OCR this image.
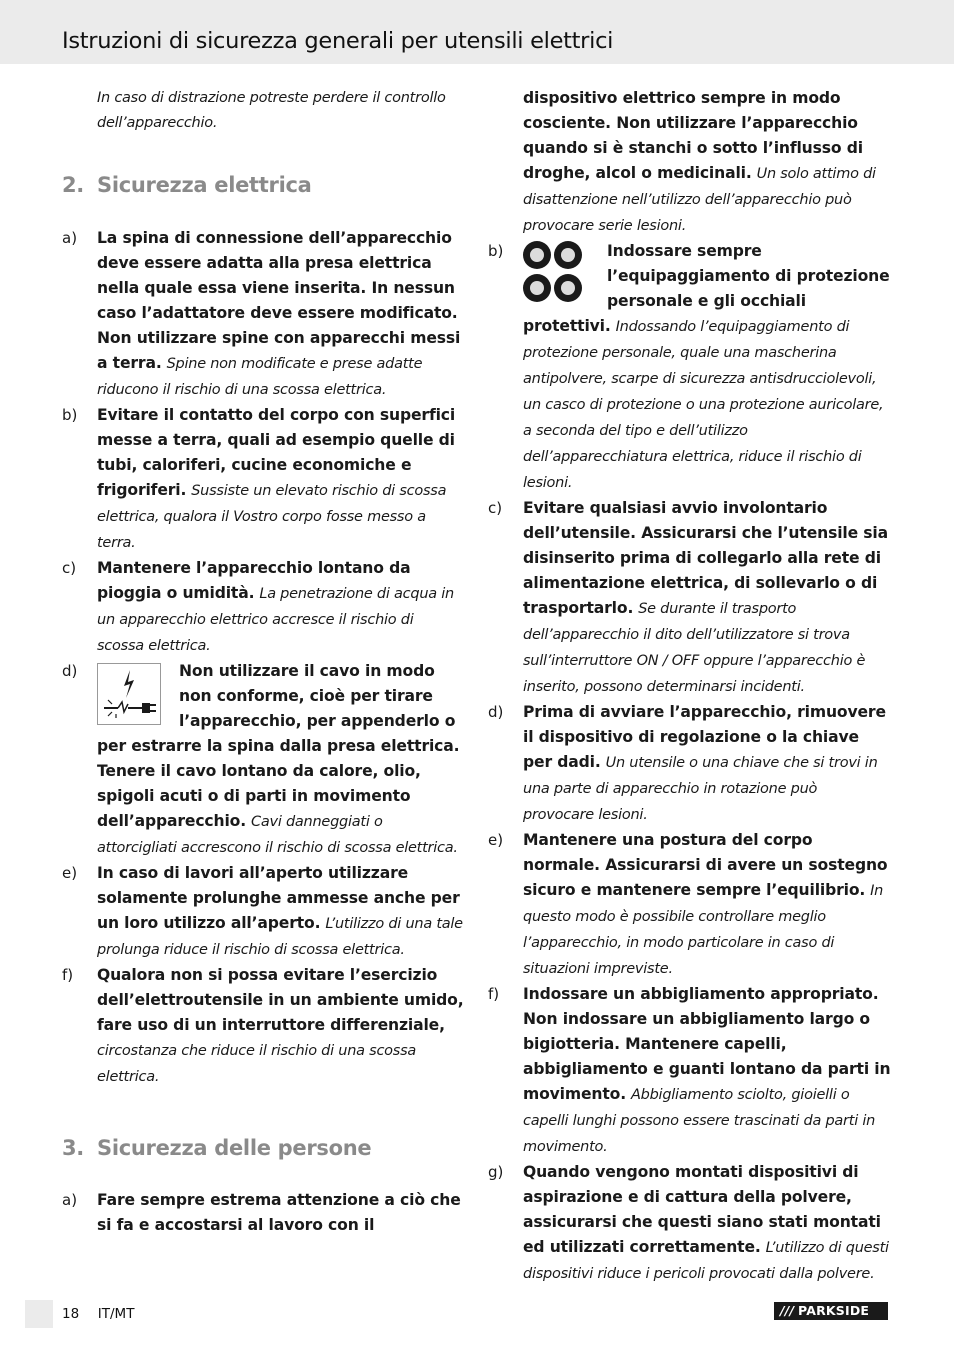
Istruzioni di sicurezza generali per utensili elettrici

In caso di distrazione potreste perdere il controllo dell’apparecchio.

2. Sicurezza elettrica

a) La spina di connessione dell’apparecchio deve essere adatta alla presa elettrica nella quale essa viene inserita. In nessun caso l’adattatore deve essere modificato. Non utilizzare spine con apparecchi messi a terra. Spine non modificate e prese adatte riducono il rischio di una scossa elettrica.
b) Evitare il contatto del corpo con superfici messe a terra, quali ad esempio quelle di tubi, caloriferi, cucine economiche e frigoriferi. Sussiste un elevato rischio di scossa elettrica, qualora il Vostro corpo fosse messo a terra.
c) Mantenere l’apparecchio lontano da pioggia o umidità. La penetrazione di acqua in un apparecchio elettrico accresce il rischio di scossa elettrica.
d)	Non utilizzare il cavo in modo non conforme, cioè per tirare l’apparecchio, per appenderlo o per estrarre la spina dalla presa elettrica. Tenere il cavo lontano da calore, olio, spigoli acuti o di parti in movimento dell’apparecchio. Cavi danneggiati o attorcigliati accrescono il rischio di scossa elettrica.
e) In caso di lavori all’aperto utilizzare solamente prolunghe ammesse anche per un loro utilizzo all’aperto. L’utilizzo di una tale prolunga riduce il rischio di scossa elettrica.
f) Qualora non si possa evitare l’esercizio dell’elettroutensile in un ambiente umido, fare uso di un interruttore differenziale, circostanza che riduce il rischio di una scossa elettrica.

3. Sicurezza delle persone

a) Fare sempre estrema attenzione a ciò che si fa e accostarsi al lavoro con il
dispositivo elettrico sempre in modo cosciente. Non utilizzare l’apparecchio quando si è stanchi o sotto l’influsso di droghe, alcol o medicinali. Un solo attimo di disattenzione nell’utilizzo dell’apparecchio può provocare serie lesioni.
b)	Indossare sempre l’equipaggiamento di protezione personale e gli occhiali protettivi. Indossando l’equipaggiamento di protezione personale, quale una mascherina antipolvere, scarpe di sicurezza antisdrucciolevoli, un casco di protezione o una protezione auricolare, a seconda del tipo e dell’utilizzo dell’apparecchiatura elettrica, riduce il rischio di lesioni.
c) Evitare qualsiasi avvio involontario dell’utensile. Assicurarsi che l’utensile sia disinserito prima di collegarlo alla rete di alimentazione elettrica, di sollevarlo o di trasportarlo. Se durante il trasporto dell’apparecchio il dito dell’utilizzatore si trova sull’interruttore ON / OFF oppure l’apparecchio è inserito, possono determinarsi incidenti.
d) Prima di avviare l’apparecchio, rimuovere il dispositivo di regolazione o la chiave per dadi. Un utensile o una chiave che si trovi in una parte di apparecchio in rotazione può provocare lesioni.
e) Mantenere una postura del corpo normale. Assicurarsi di avere un sostegno sicuro e mantenere sempre l’equilibrio. In questo modo è possibile controllare meglio l’apparecchio, in modo particolare in caso di situazioni impreviste.
f) Indossare un abbigliamento appropriato. Non indossare un abbigliamento largo o bigiotteria. Mantenere capelli, abbigliamento e guanti lontano da parti in movimento. Abbigliamento sciolto, gioielli o capelli lunghi possono essere trascinati da parti in movimento.
g) Quando vengono montati dispositivi di aspirazione e di cattura della polvere, assicurarsi che questi siano stati montati ed utilizzati correttamente. L’utilizzo di questi dispositivi riduce i pericoli provocati dalla polvere.
18 IT/MT	/// PARKSIDE
